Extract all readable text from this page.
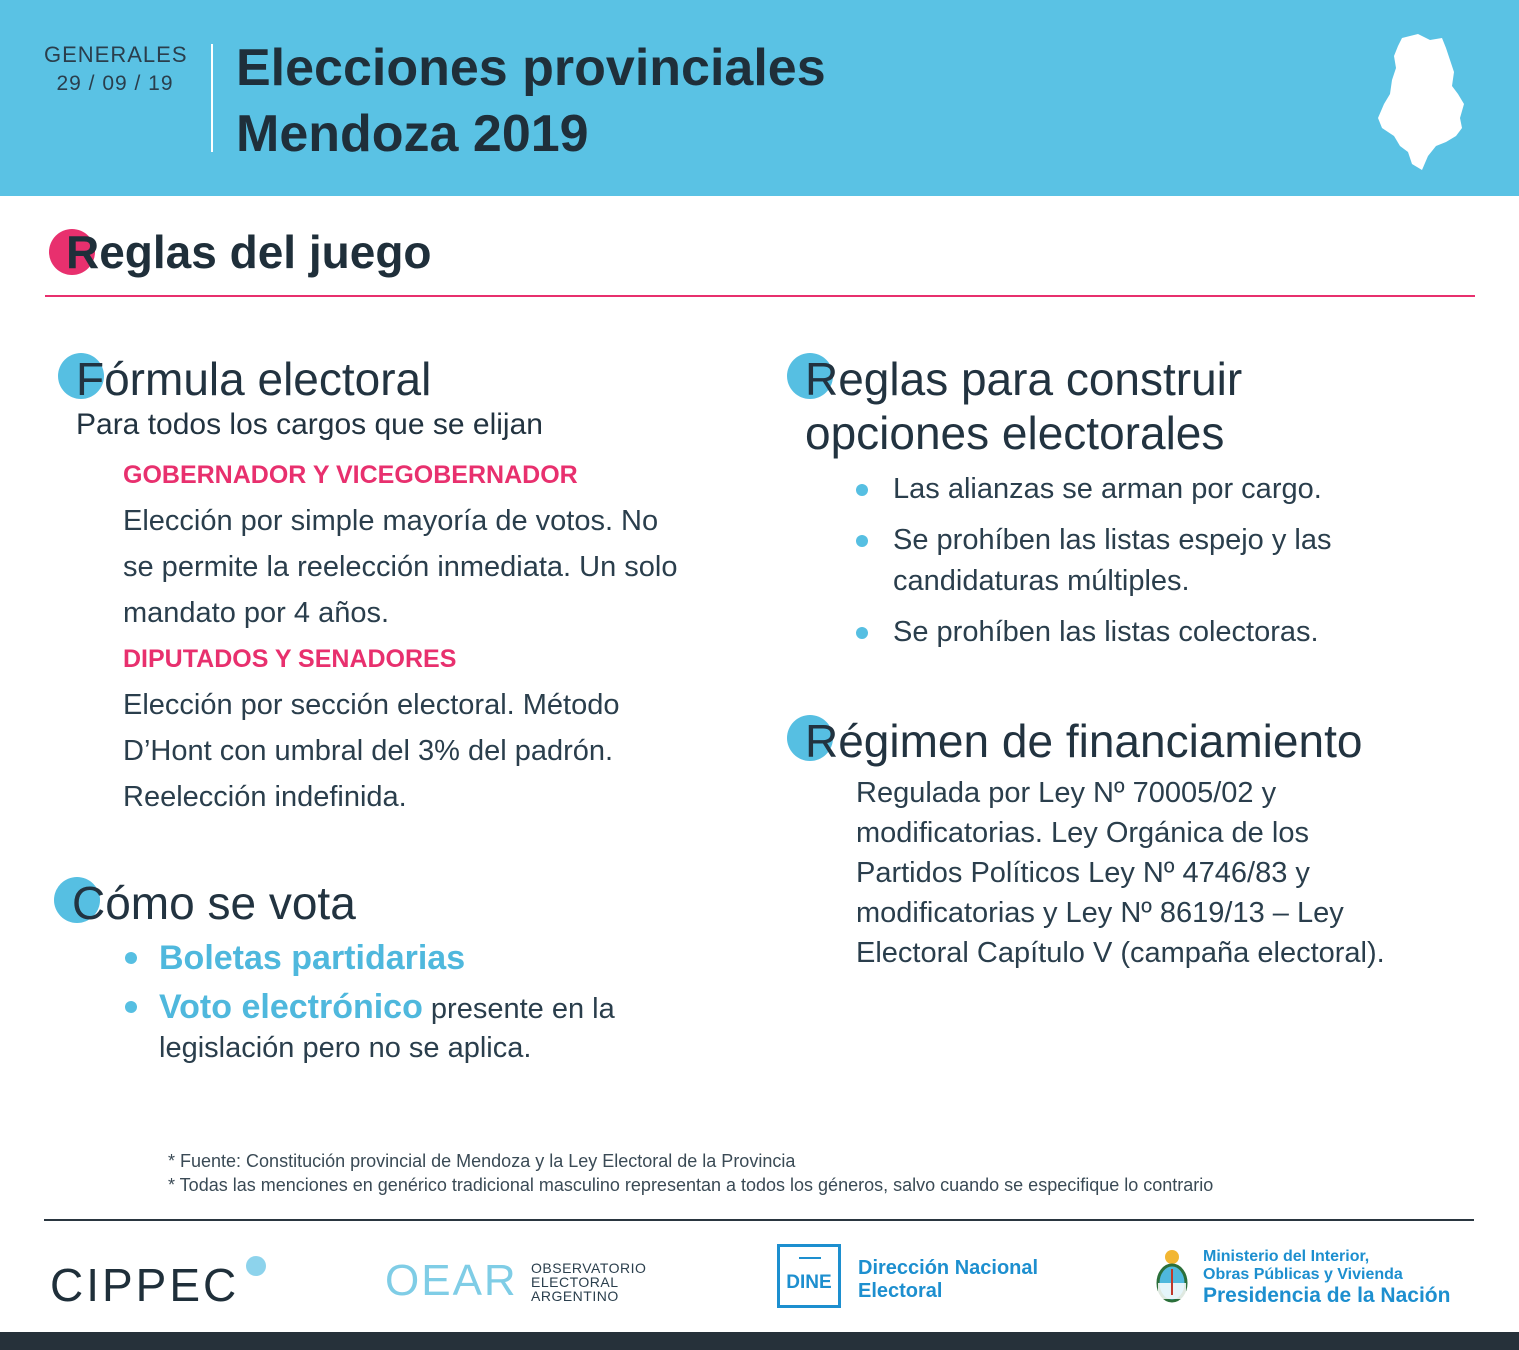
GENERALES
29 / 09 / 19 Elecciones provinciales
Mendoza 2019
Reglas del juego
Fórmula electoral
Para todos los cargos que se elijan
GOBERNADOR Y VICEGOBERNADOR
Elección por simple mayoría de votos. No
se permite la reelección inmediata. Un solo
mandato por 4 años.
DIPUTADOS Y SENADORES
Elección por sección electoral. Método
D’Hont con umbral del 3% del padrón.
Reelección indefinida.
Cómo se vota
Boletas partidarias
Voto electrónico presente en la
legislación pero no se aplica.
Reglas para construir
opciones electorales
Las alianzas se arman por cargo.
Se prohíben las listas espejo y las
candidaturas múltiples.
Se prohíben las listas colectoras.
Régimen de financiamiento
Regulada por Ley Nº 70005/02 y
modificatorias. Ley Orgánica de los
Partidos Políticos Ley Nº 4746/83 y
modificatorias y Ley Nº 8619/13 – Ley
Electoral Capítulo V (campaña electoral).
* Fuente: Constitución provincial de Mendoza y la Ley Electoral de la Provincia
* Todas las menciones en genérico tradicional masculino representan a todos los géneros, salvo cuando se especifique lo contrario
CIPPEC	OEAR OBSERVATORIO
ELECTORAL
ARGENTINO
DINE
Dirección Nacional
Electoral
Ministerio del Interior,
Obras Públicas y Vivienda
Presidencia de la Nación
